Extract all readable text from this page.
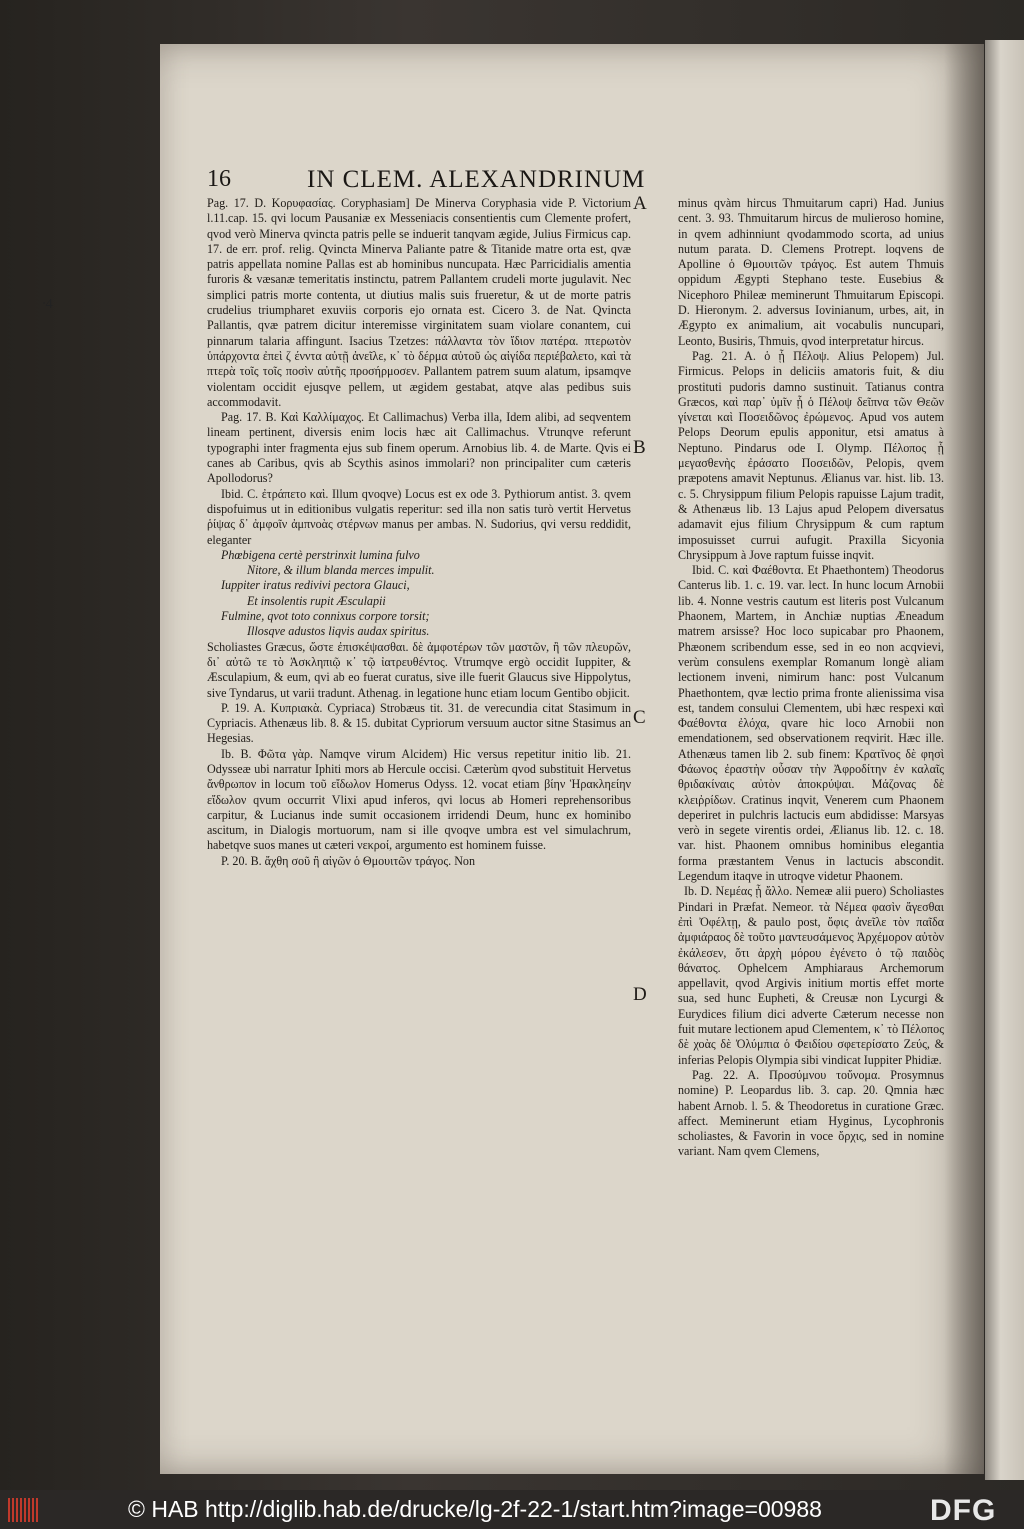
ᐧ4
16	IN CLEM. ALEXANDRINUM

Pag. 17. D. Κορυφασίας. Coryphasiam] De Minerva Coryphasia vide P. Victorium l.11.cap. 15. qvi locum Pausaniæ ex Messeniacis consentientis cum Clemente profert, qvod verò Minerva qvincta patris pelle se induerit tanqvam ægide, Julius Firmicus cap. 17. de err. prof. relig. Qvincta Minerva Paliante patre & Titanide matre orta est, qvæ patris appellata nomine Pallas est ab hominibus nuncupata. Hæc Parricidialis amentia furoris & væsanæ temeritatis instinctu, patrem Pallantem crudeli morte jugulavit. Nec simplici patris morte contenta, ut diutius malis suis frueretur, & ut de morte patris crudelius triumpharet exuviis corporis ejo ornata est. Cicero 3. de Nat. Qvincta Pallantis, qvæ patrem dicitur interemisse virginitatem suam violare conantem, cui pinnarum talaria affingunt. Isacius Tzetzes: πάλλαντα τὸν ἴδιον πατέρα. πτερωτὸν ὑπάρχοντα ἐπεὶ ζ ένντα αὐτῇ ἀνεῖλε, κ᾽ τὸ δέρμα αὐτοῦ ὡς αἰγίδα περιέβαλετο, καὶ τὰ πτερὰ τοῖς τοῖς ποσὶν αὐτῆς προσήρμοσεν. Pallantem patrem suum alatum, ipsamqve violentam occidit ejusqve pellem, ut ægidem gestabat, atqve alas pedibus suis accommodavit.

Pag. 17. B. Καὶ Καλλίμαχος. Et Callimachus) Verba illa, Idem alibi, ad seqventem lineam pertinent, diversis enim locis hæc ait Callimachus. Vtrunqve referunt typographi inter fragmenta ejus sub finem operum. Arnobius lib. 4. de Marte. Qvis ei canes ab Caribus, qvis ab Scythis asinos immolari? non principaliter cum cæteris Apollodorus?

Ibid. C. ἐτράπετο καὶ. Illum qvoqve) Locus est ex ode 3. Pythiorum antist. 3. qvem dispofuimus ut in editionibus vulgatis reperitur: sed illa non satis turò vertit Hervetus ῥίψας δ᾽ ἀμφοῖν ἀμπνοὰς στέρνων manus per ambas. N. Sudorius, qvi versu reddidit, eleganter

Phœbigena certè perstrinxit lumina fulvo

Nitore, & illum blanda merces impulit.

Iuppiter iratus redivivi pectora Glauci,

Et insolentis rupit Æsculapii

Fulmine, qvot toto connixus corpore torsit;

Illosqve adustos liqvis audax spiritus.

Scholiastes Græcus, ὥστε ἐπισκέψασθαι. δὲ ἀμφοτέρων τῶν μαστῶν, ἢ τῶν πλευρῶν, δι᾽ αὐτῶ τε τὸ Ἀσκληπιῷ κ᾽ τῷ ἰατρευθέντος. Vtrumqve ergò occidit Iuppiter, & Æsculapium, & eum, qvi ab eo fuerat curatus, sive ille fuerit Glaucus sive Hippolytus, sive Tyndarus, ut varii tradunt. Athenag. in legatione hunc etiam locum Gentibo objicit.

P. 19. A. Κυπριακὰ. Cypriaca) Strobæus tit. 31. de verecundia citat Stasimum in Cypriacis. Athenæus lib. 8. & 15. dubitat Cypriorum versuum auctor sitne Stasimus an Hegesias.

Ib. B. Φῶτα γὰρ. Namqve virum Alcidem) Hic versus repetitur initio lib. 21. Odysseæ ubi narratur Iphiti mors ab Hercule occisi. Cæterùm qvod substituit Hervetus ἄνθρωπον in locum τοῦ εἴδωλον Homerus Odyss. 12. vocat etiam βίην Ἡρακληείην εἴδωλον qvum occurrit Vlixi apud inferos, qvi locus ab Homeri reprehensoribus carpitur, & Lucianus inde sumit occasionem irridendi Deum, hunc ex hominibo ascitum, in Dialogis mortuorum, nam si ille qvoqve umbra est vel simulachrum, habetqve suos manes ut cæteri νεκροί, argumento est hominem fuisse.

P. 20. B. ἄχθη σοῦ ἢ αἰγῶν ὁ Θμουιτῶν τράγος. Non

A
B
C
D

minus qvàm hircus Thmuitarum capri) Had. Junius cent. 3. 93. Thmuitarum hircus de mulieroso homine, in qvem adhinniunt qvodammodo scorta, ad unius nutum parata. D. Clemens Protrept. loqvens de Apolline ὁ Θμουιτῶν τράγος. Est autem Thmuis oppidum Ægypti Stephano teste. Eusebius & Nicephoro Phileæ meminerunt Thmuitarum Episcopi. D. Hieronym. 2. adversus Iovinianum, urbes, ait, in Ægypto ex animalium, ait vocabulis nuncupari, Leonto, Busiris, Thmuis, qvod interpretatur hircus.

Pag. 21. A. ὁ ᾗ Πέλοψ. Alius Pelopem) Jul. Firmicus. Pelops in deliciis amatoris fuit, & diu prostituti pudoris damno sustinuit. Tatianus contra Græcos, καὶ παρ᾽ ὑμῖν ᾗ ὁ Πέλοψ δεῖπνα τῶν Θεῶν γίνεται καὶ Ποσειδῶνος ἐρώμενος. Apud vos autem Pelops Deorum epulis apponitur, etsi amatus à Neptuno. Pindarus ode I. Olymp. Πέλοπος ᾗ μεγασθενὴς ἐράσατο Ποσειδῶν, Pelopis, qvem præpotens amavit Neptunus. Ælianus var. hist. lib. 13. c. 5. Chrysippum filium Pelopis rapuisse Lajum tradit, & Athenæus lib. 13 Lajus apud Pelopem diversatus adamavit ejus filium Chrysippum & cum raptum imposuisset currui aufugit. Praxilla Sicyonia Chrysippum à Jove raptum fuisse inqvit.

Ibid. C. καὶ Φαέθοντα. Et Phaethontem) Theodorus Canterus lib. 1. c. 19. var. lect. In hunc locum Arnobii lib. 4. Nonne vestris cautum est literis post Vulcanum Phaonem, Martem, in Anchiæ nuptias Æneadum matrem arsisse? Hoc loco supicabar pro Phaonem, Phæonem scribendum esse, sed in eo non acqvievi, verùm consulens exemplar Romanum longè aliam lectionem inveni, nimirum hanc: post Vulcanum Phaethontem, qvæ lectio prima fronte alienissima visa est, tandem consului Clementem, ubi hæc respexi καὶ Φαέθοντα ἐλόχα, qvare hic loco Arnobii non emendationem, sed observationem reqvirit. Hæc ille. Athenæus tamen lib 2. sub finem: Κρατῖνος δὲ φησὶ Φάωνος ἐραστὴν οὖσαν τὴν Ἀφροδίτην ἐν καλαῖς θριδακίναις αὐτὸν ἀποκρύψαι. Μάζονας δὲ κλειῤρίδων. Cratinus inqvit, Venerem cum Phaonem deperiret in pulchris lactucis eum abdidisse: Marsyas verò in segete virentis ordei, Ælianus lib. 12. c. 18. var. hist. Phaonem omnibus hominibus elegantia forma præstantem Venus in lactucis abscondit. Legendum itaqve in utroqve videtur Phaonem.

Ib. D. Νεμέας ᾗ ἄλλο. Nemeæ alii puero) Scholiastes Pindari in Præfat. Nemeor. τὰ Νέμεα φασὶν ἄγεσθαι ἐπὶ Ὀφέλτῃ, & paulo post, ὄφις ἀνεῖλε τὸν παῖδα ἀμφιάραος δὲ τοῦτο μαντευσάμενος Ἀρχέμορον αὐτὸν ἐκάλεσεν, ὅτι ἀρχὴ μόρου ἐγένετο ὁ τῷ παιδὸς θάνατος. Ophelcem Amphiaraus Archemorum appellavit, qvod Argivis initium mortis effet morte sua, sed hunc Eupheti, & Creusæ non Lycurgi & Eurydices filium dici adverte Cæterum necesse non fuit mutare lectionem apud Clementem, κ᾽ τὸ Πέλοπος δὲ χοὰς δὲ Ὀλύμπια ὁ Φειδίου σφετερίσατο Ζεύς, & inferias Pelopis Olympia sibi vindicat Iuppiter Phidiæ.

Pag. 22. A. Προσύμνου τοὔνομα. Prosymnus nomine) P. Leopardus lib. 3. cap. 20. Qmnia hæc habent Arnob. l. 5. & Theodoretus in curatione Græc. affect. Meminerunt etiam Hyginus, Lycophronis scholiastes, & Favorin in voce ὄρχις, sed in nomine variant. Nam qvem Clemens,

© HAB http://diglib.hab.de/drucke/lg-2f-22-1/start.htm?image=00988	DFG
